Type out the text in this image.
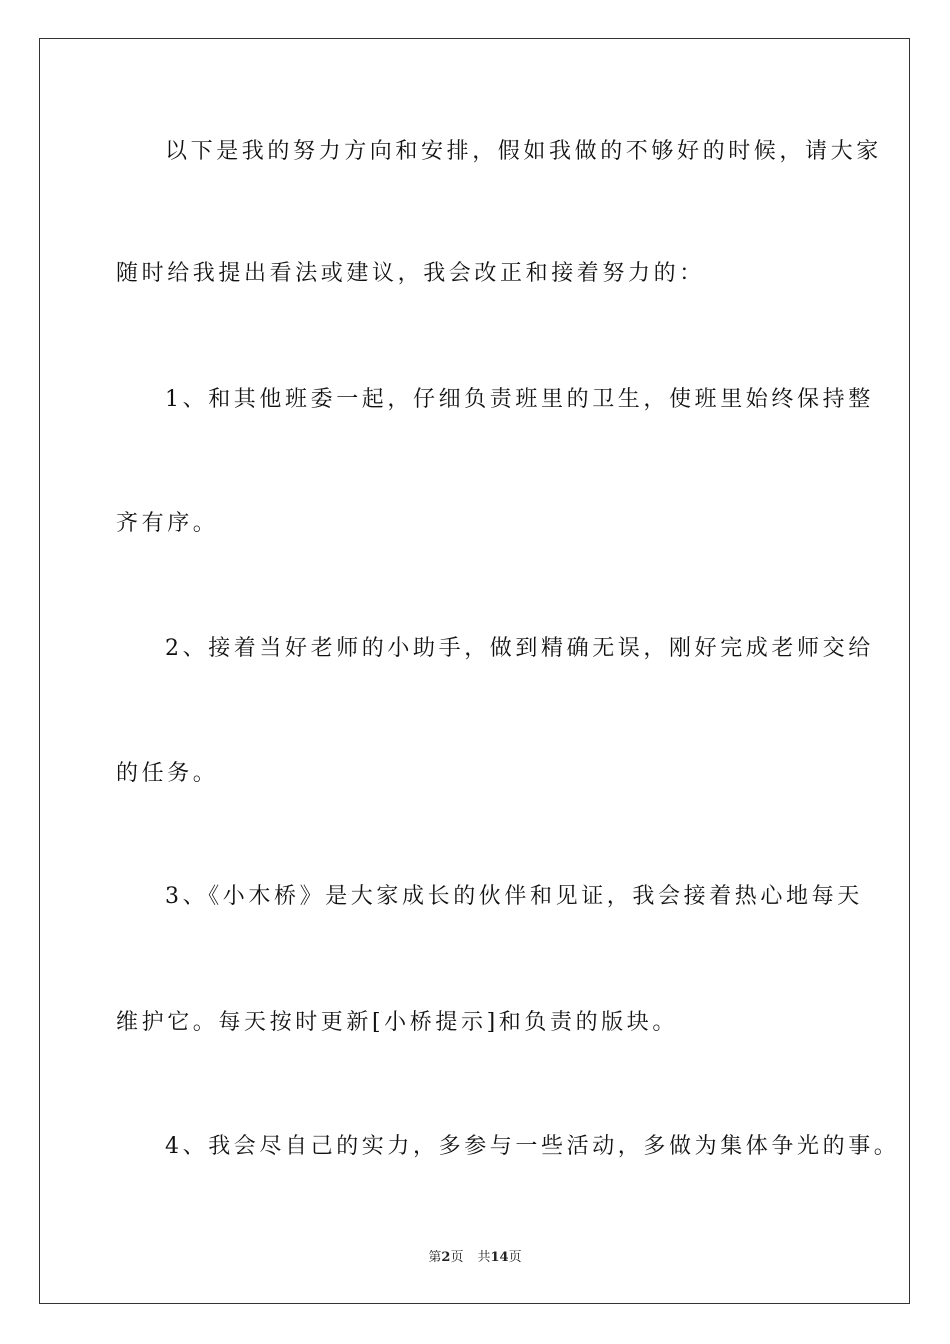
以下是我的努力方向和安排，假如我做的不够好的时候，请大家
随时给我提出看法或建议，我会改正和接着努力的：
1、和其他班委一起，仔细负责班里的卫生，使班里始终保持整
齐有序。
2、接着当好老师的小助手，做到精确无误，刚好完成老师交给
的任务。
3、《小木桥》是大家成长的伙伴和见证，我会接着热心地每天
维护它。每天按时更新[小桥提示]和负责的版块。
4、我会尽自己的实力，多参与一些活动，多做为集体争光的事。
第2页 共14页
